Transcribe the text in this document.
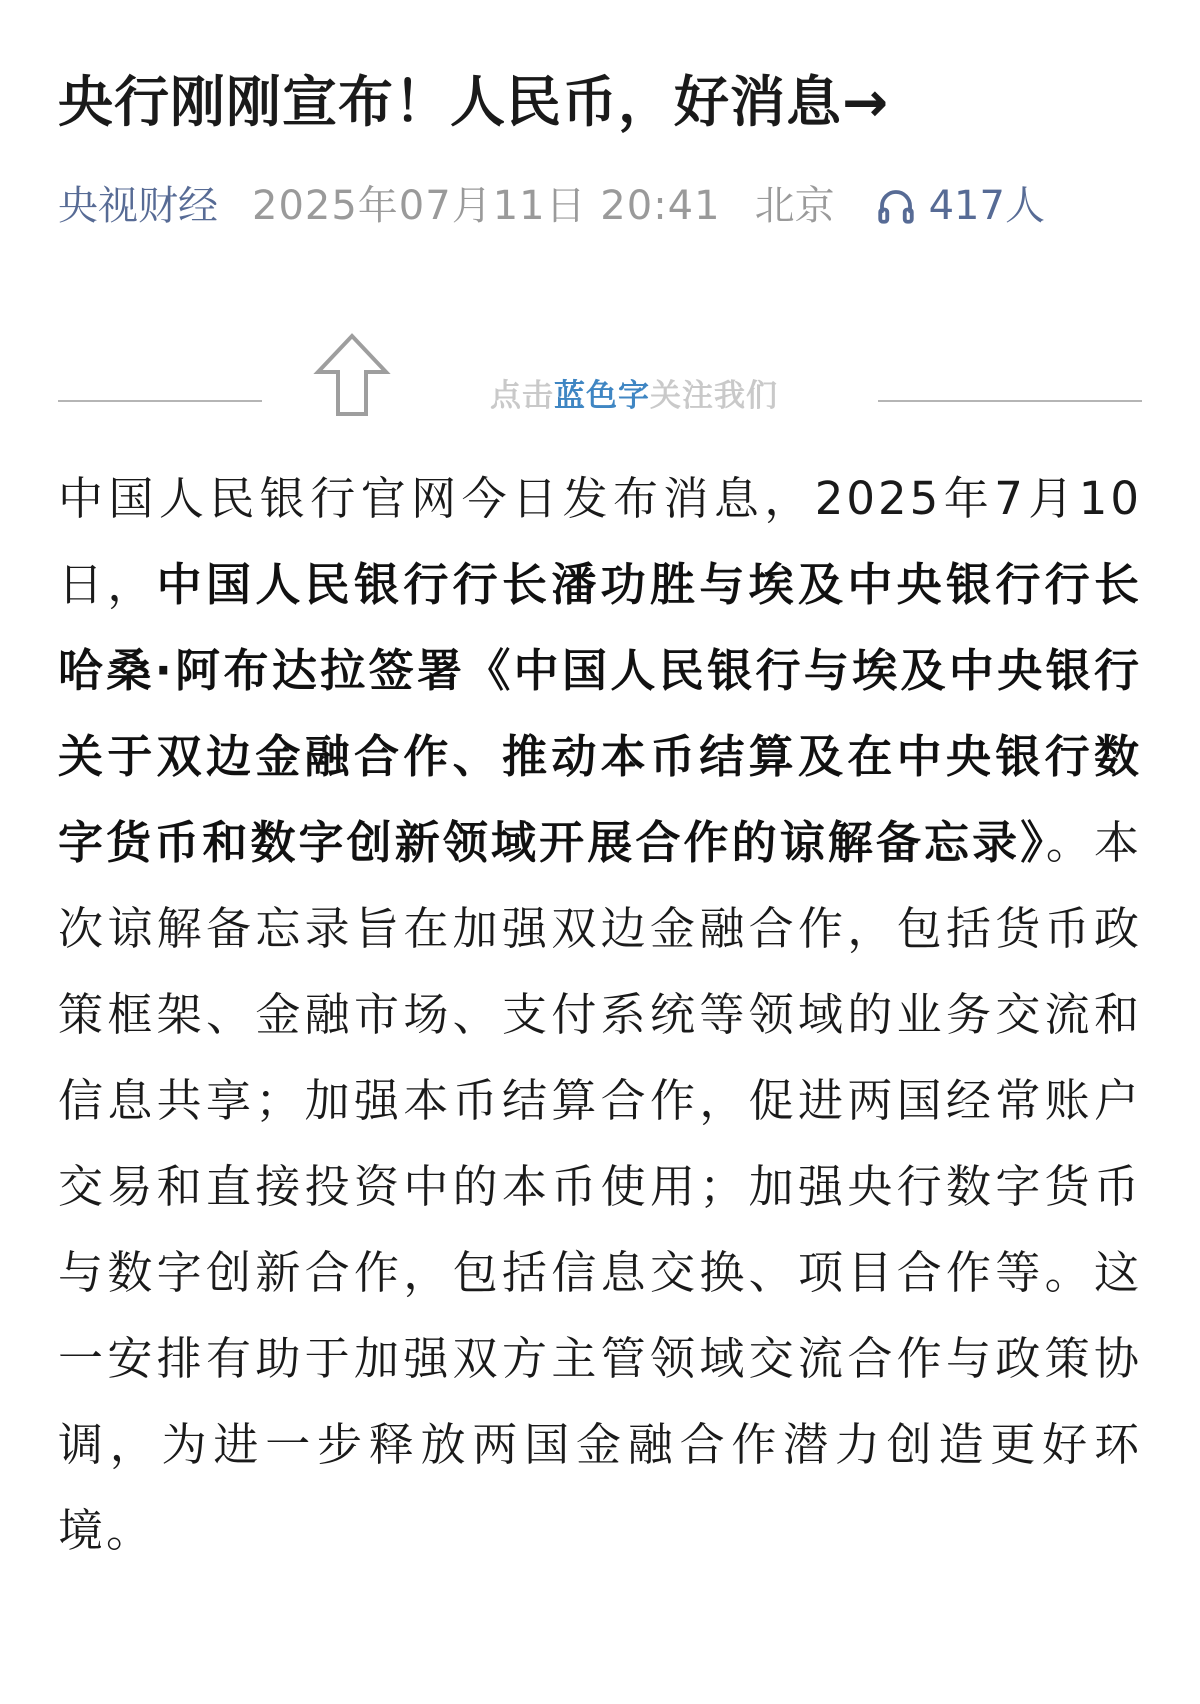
央行刚刚宣布！人民币，好消息→
央视财经 2025年07月11日 20:41 北京 417人
点击蓝色字关注我们

中国人民银行官网今日发布消息，2025年7月10日，中国人民银行行长潘功胜与埃及中央银行行长哈桑·阿布达拉签署《中国人民银行与埃及中央银行关于双边金融合作、推动本币结算及在中央银行数字货币和数字创新领域开展合作的谅解备忘录》。本次谅解备忘录旨在加强双边金融合作，包括货币政策框架、金融市场、支付系统等领域的业务交流和信息共享；加强本币结算合作，促进两国经常账户交易和直接投资中的本币使用；加强央行数字货币与数字创新合作，包括信息交换、项目合作等。这一安排有助于加强双方主管领域交流合作与政策协调，为进一步释放两国金融合作潜力创造更好环境。
